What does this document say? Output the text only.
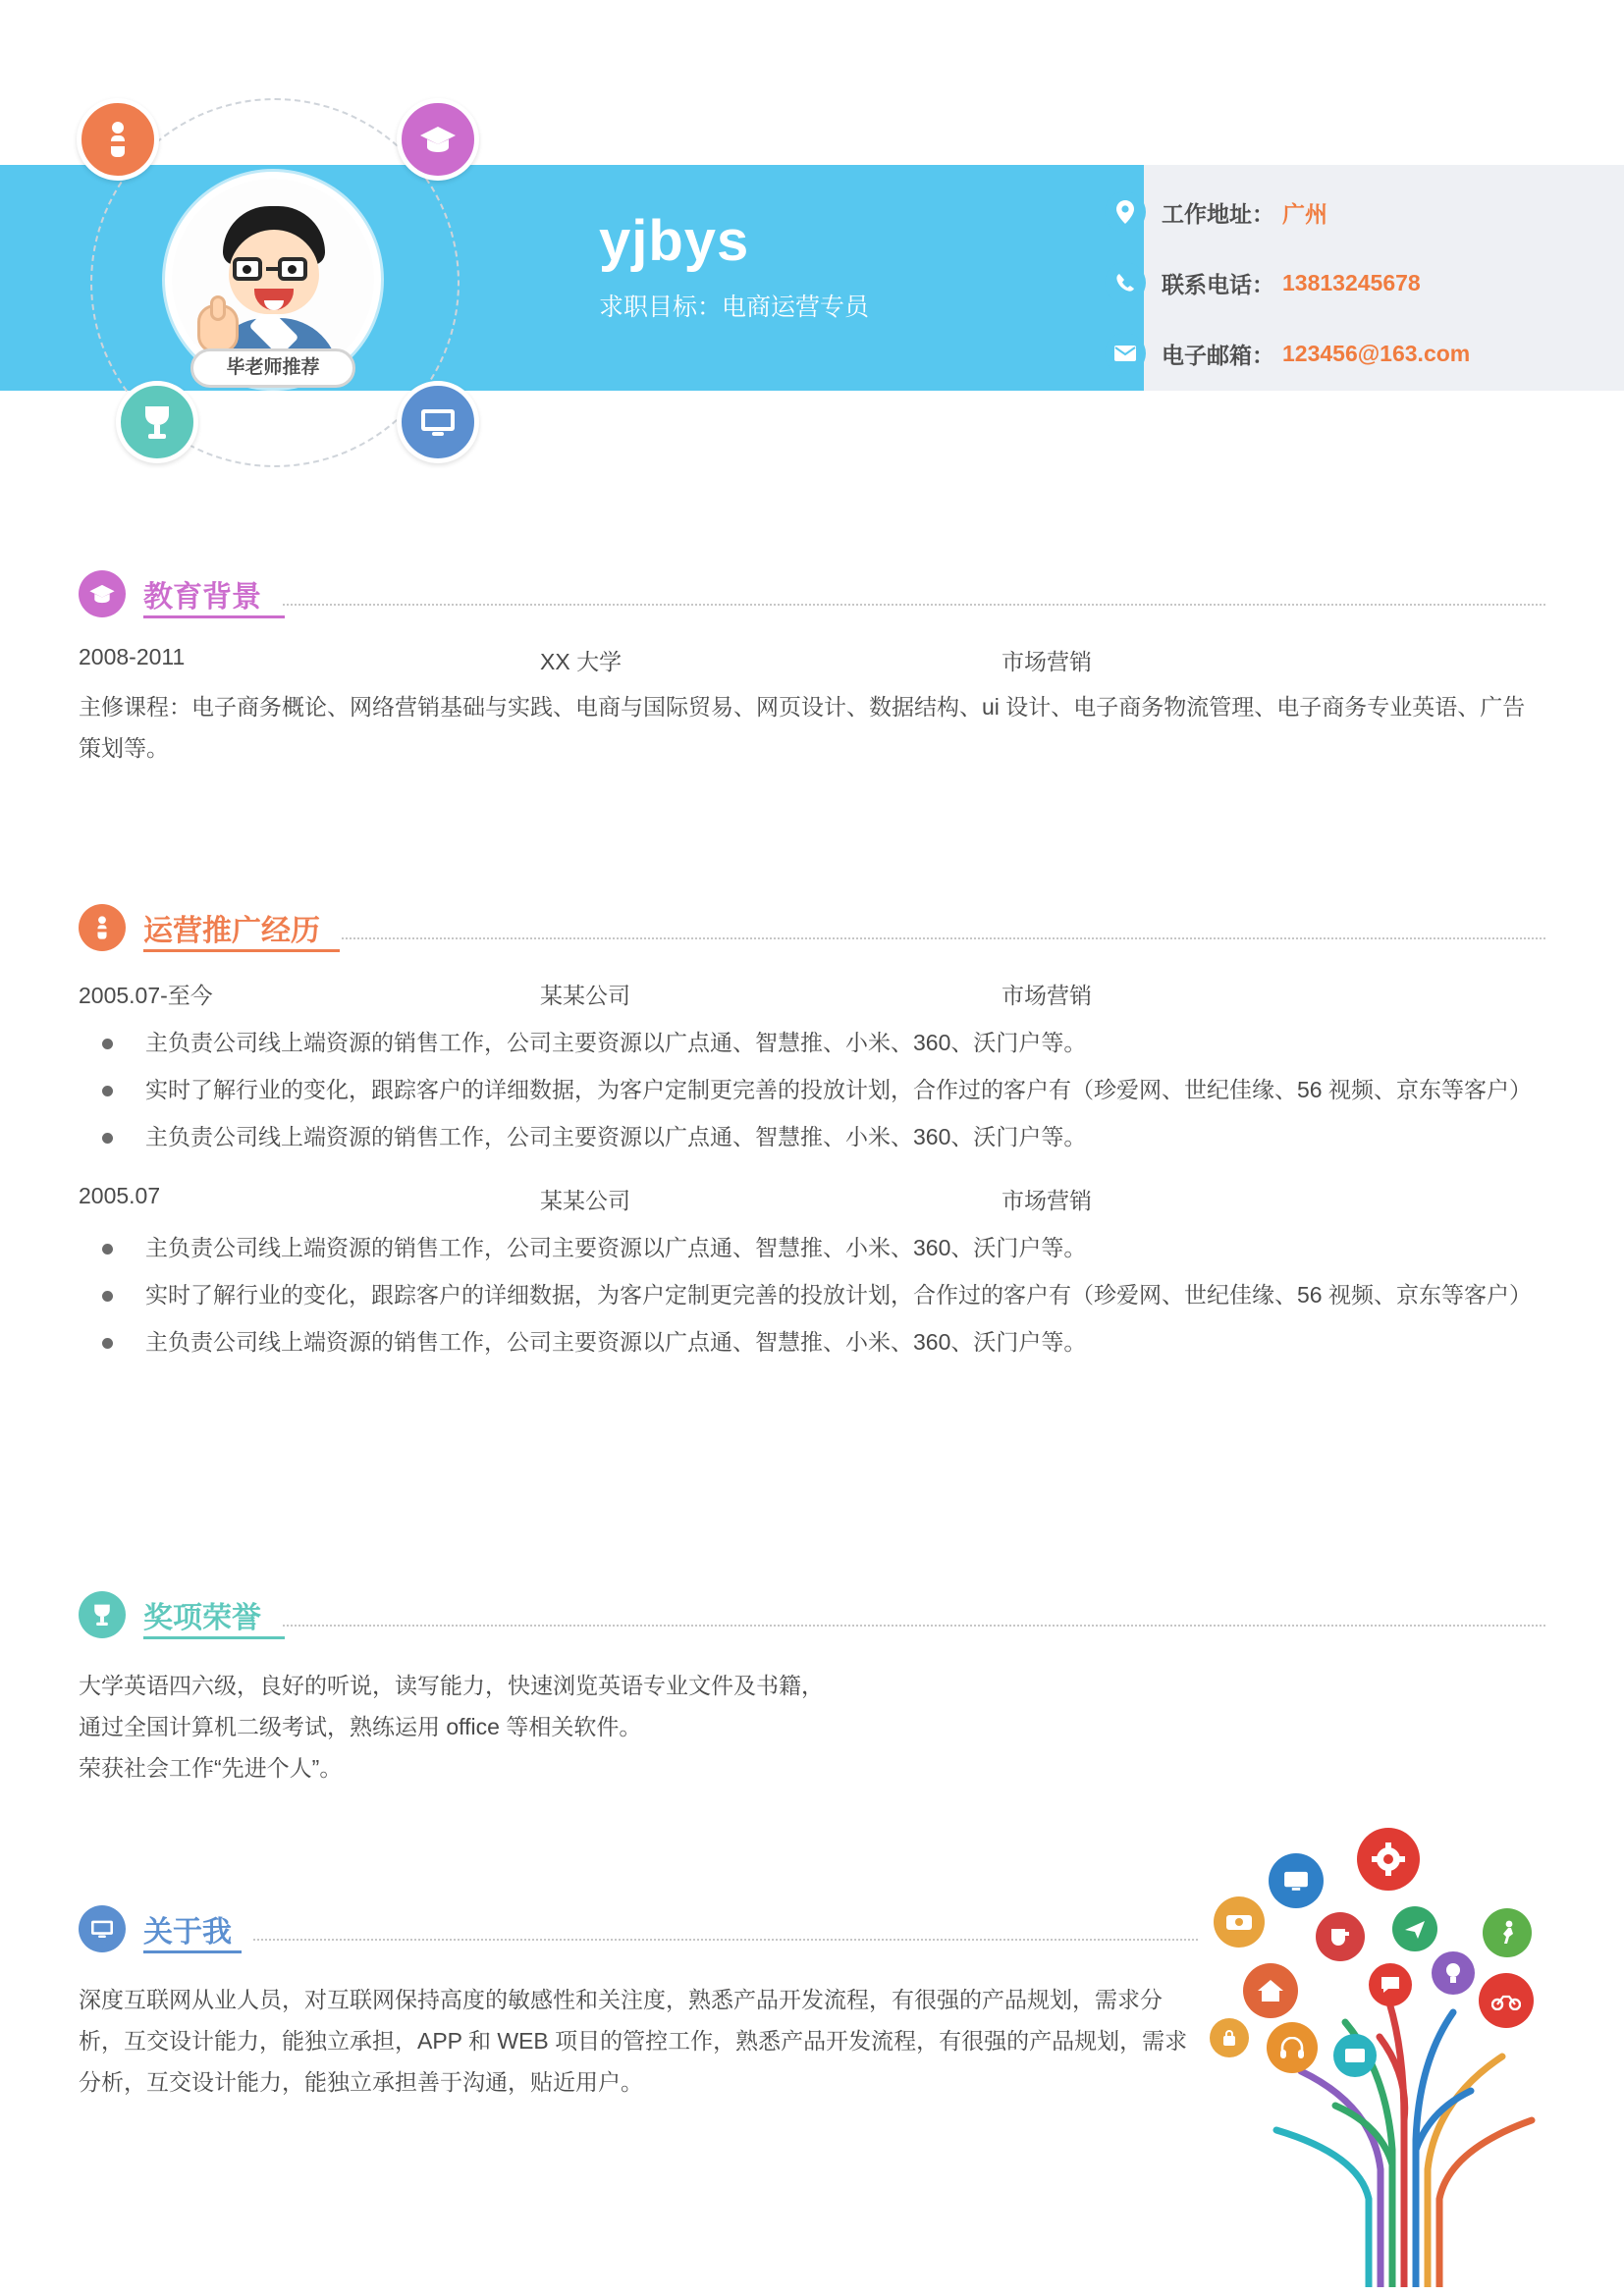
毕老师推荐
yjbys
求职目标：电商运营专员
工作地址： 广州
联系电话： 13813245678
电子邮箱： 123456@163.com
教育背景
2008-2011	XX 大学	市场营销
主修课程：电子商务概论、网络营销基础与实践、电商与国际贸易、网页设计、数据结构、ui 设计、电子商务物流管理、电子商务专业英语、广告策划等。
运营推广经历
2005.07-至今	某某公司	市场营销
主负责公司线上端资源的销售工作，公司主要资源以广点通、智慧推、小米、360、沃门户等。
实时了解行业的变化，跟踪客户的详细数据，为客户定制更完善的投放计划，合作过的客户有（珍爱网、世纪佳缘、56 视频、京东等客户）
主负责公司线上端资源的销售工作，公司主要资源以广点通、智慧推、小米、360、沃门户等。
2005.07	某某公司	市场营销
主负责公司线上端资源的销售工作，公司主要资源以广点通、智慧推、小米、360、沃门户等。
实时了解行业的变化，跟踪客户的详细数据，为客户定制更完善的投放计划，合作过的客户有（珍爱网、世纪佳缘、56 视频、京东等客户）
主负责公司线上端资源的销售工作，公司主要资源以广点通、智慧推、小米、360、沃门户等。
奖项荣誉
大学英语四六级，良好的听说，读写能力，快速浏览英语专业文件及书籍，
通过全国计算机二级考试，熟练运用 office 等相关软件。
荣获社会工作“先进个人”。
关于我
深度互联网从业人员，对互联网保持高度的敏感性和关注度，熟悉产品开发流程，有很强的产品规划，需求分析，互交设计能力，能独立承担，APP 和 WEB 项目的管控工作，熟悉产品开发流程，有很强的产品规划，需求分析，互交设计能力，能独立承担善于沟通，贴近用户。
